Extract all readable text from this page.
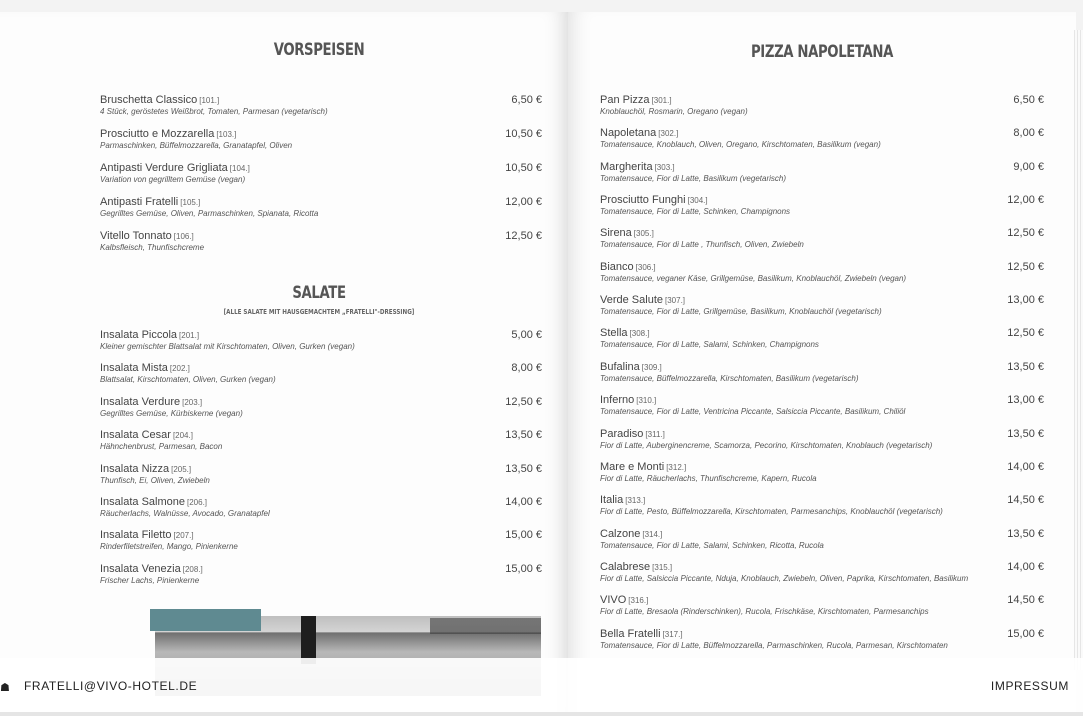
VORSPEISEN
Bruschetta Classico [101.]
4 Stück, geröstetes Weißbrot, Tomaten, Parmesan (vegetarisch)
6,50 €
Prosciutto e Mozzarella [103.]
Parmaschinken, Büffelmozzarella, Granatapfel, Oliven
10,50 €
Antipasti Verdure Grigliata [104.]
Variation von gegrilltem Gemüse (vegan)
10,50 €
Antipasti Fratelli [105.]
Gegrilltes Gemüse, Oliven, Parmaschinken, Spianata, Ricotta
12,00 €
Vitello Tonnato [106.]
Kalbsfleisch, Thunfischcreme
12,50 €
SALATE
[ALLE SALATE MIT HAUSGEMACHTEM „FRATELLI"-DRESSING]
Insalata Piccola [201.]
Kleiner gemischter Blattsalat mit Kirschtomaten, Oliven, Gurken (vegan)
5,00 €
Insalata Mista [202.]
Blattsalat, Kirschtomaten, Oliven, Gurken (vegan)
8,00 €
Insalata Verdure [203.]
Gegrilltes Gemüse, Kürbiskerne (vegan)
12,50 €
Insalata Cesar [204.]
Hähnchenbrust, Parmesan, Bacon
13,50 €
Insalata Nizza [205.]
Thunfisch, Ei, Oliven, Zwiebeln
13,50 €
Insalata Salmone [206.]
Räucherlachs, Walnüsse, Avocado, Granatapfel
14,00 €
Insalata Filetto [207.]
Rinderfiletstreifen, Mango, Pinienkerne
15,00 €
Insalata Venezia [208.]
Frischer Lachs, Pinienkerne
15,00 €
PIZZA NAPOLETANA
Pan Pizza [301.]
Knoblauchöl, Rosmarin, Oregano (vegan)
6,50 €
Napoletana [302.]
Tomatensauce, Knoblauch, Oliven, Oregano, Kirschtomaten, Basilikum (vegan)
8,00 €
Margherita [303.]
Tomatensauce, Fior di Latte, Basilikum (vegetarisch)
9,00 €
Prosciutto Funghi [304.]
Tomatensauce, Fior di Latte, Schinken, Champignons
12,00 €
Sirena [305.]
Tomatensauce, Fior di Latte , Thunfisch, Oliven, Zwiebeln
12,50 €
Bianco [306.]
Tomatensauce, veganer Käse, Grillgemüse, Basilikum, Knoblauchöl, Zwiebeln (vegan)
12,50 €
Verde Salute [307.]
Tomatensauce, Fior di Latte, Grillgemüse, Basilikum, Knoblauchöl (vegetarisch)
13,00 €
Stella [308.]
Tomatensauce, Fior di Latte, Salami, Schinken, Champignons
12,50 €
Bufalina [309.]
Tomatensauce, Büffelmozzarella, Kirschtomaten, Basilikum (vegetarisch)
13,50 €
Inferno [310.]
Tomatensauce, Fior di Latte, Ventricina Piccante, Salsiccia Piccante, Basilikum, Chiliöl
13,00 €
Paradiso [311.]
Fior di Latte, Auberginencreme, Scamorza, Pecorino, Kirschtomaten, Knoblauch (vegetarisch)
13,50 €
Mare e Monti [312.]
Fior di Latte, Räucherlachs, Thunfischcreme, Kapern, Rucola
14,00 €
Italia [313.]
Fior di Latte, Pesto, Büffelmozzarella, Kirschtomaten, Parmesanchips, Knoblauchöl (vegetarisch)
14,50 €
Calzone [314.]
Tomatensauce, Fior di Latte, Salami, Schinken, Ricotta, Rucola
13,50 €
Calabrese [315.]
Fior di Latte, Salsiccia Piccante, Nduja, Knoblauch, Zwiebeln, Oliven, Paprika, Kirschtomaten, Basilikum
14,00 €
VIVO [316.]
Fior di Latte, Bresaola (Rinderschinken), Rucola, Frischkäse, Kirschtomaten, Parmesanchips
14,50 €
Bella Fratelli [317.]
Tomatensauce, Fior di Latte, Büffelmozzarella, Parmaschinken, Rucola, Parmesan, Kirschtomaten
15,00 €
☗ FRATELLI@VIVO-HOTEL.DE	IMPRESSUM
